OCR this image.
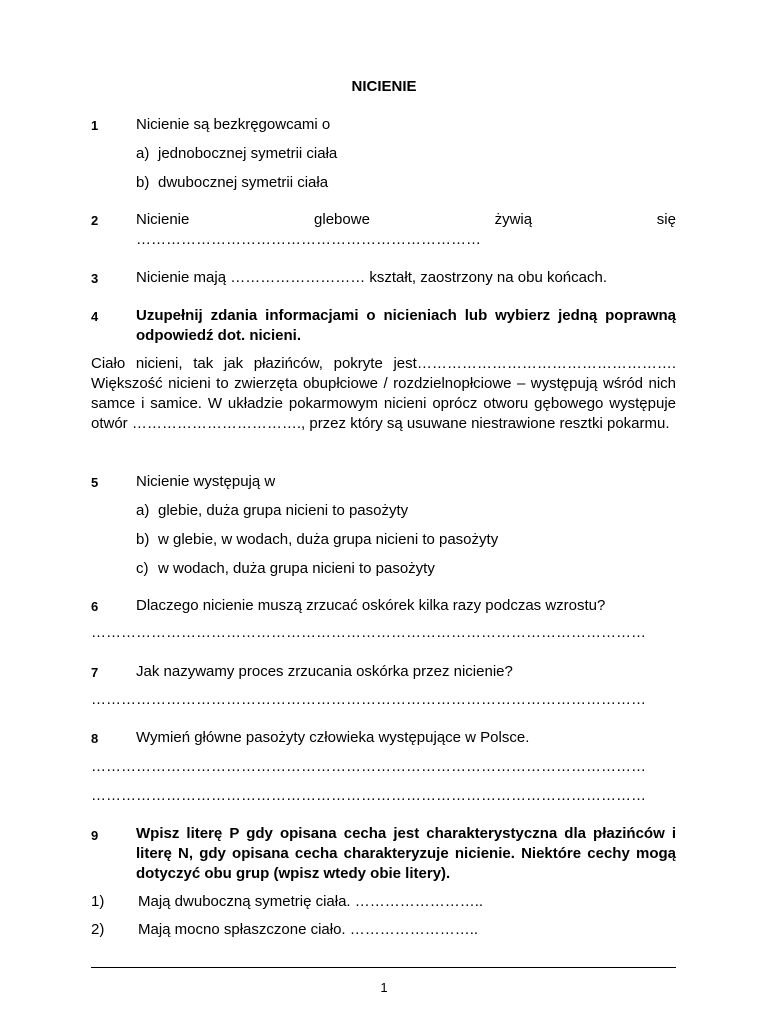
NICIENIE
1	Nicienie są bezkręgowcami o
a) jednobocznej symetrii ciała
b) dwubocznej symetrii ciała
2	Nicienie	glebowe	żywią	się
……………………………………………………………
3	Nicienie mają ……………………… kształt, zaostrzony na obu końcach.
4	Uzupełnij zdania informacjami o nicieniach lub wybierz jedną poprawną odpowiedź dot. nicieni.
Ciało nicieni, tak jak płazińców, pokryte jest……………………………………………. Większość nicieni to zwierzęta obupłciowe / rozdzielnopłciowe – występują wśród nich samce i samice. W układzie pokarmowym nicieni oprócz otworu gębowego występuje otwór ……………………………., przez który są usuwane niestrawione resztki pokarmu.
5	Nicienie występują w
a) glebie, duża grupa nicieni to pasożyty
b) w glebie, w wodach, duża grupa nicieni to pasożyty
c) w wodach, duża grupa nicieni to pasożyty
6	Dlaczego nicienie muszą zrzucać oskórek kilka razy podczas wzrostu?
…………………………………………………………………………………………………
7	Jak nazywamy proces zrzucania oskórka przez nicienie?
…………………………………………………………………………………………………
8	Wymień główne pasożyty człowieka występujące w Polsce.
…………………………………………………………………………………………………
…………………………………………………………………………………………………
9	Wpisz literę P gdy opisana cecha jest charakterystyczna dla płazińców i literę N, gdy opisana cecha charakteryzuje nicienie. Niektóre cechy mogą dotyczyć obu grup (wpisz wtedy obie litery).
1) Mają dwuboczną symetrię ciała. ……………………..
2) Mają mocno spłaszczone ciało. ……………………..
1
